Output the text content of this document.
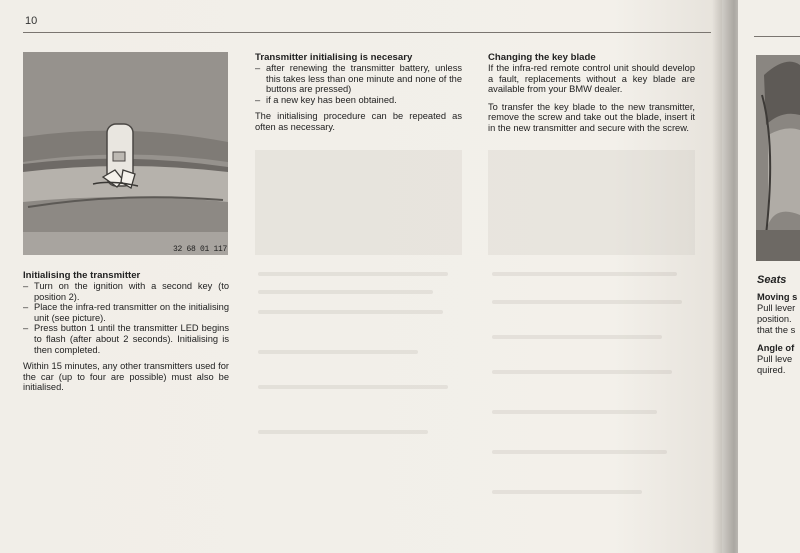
10
32 68 01 117
Initialising the transmitter
– Turn on the ignition with a second key (to position 2).
– Place the infra-red transmitter on the initialising unit (see picture).
– Press button 1 until the transmitter LED begins to flash (after about 2 seconds). Initialising is then completed.

Within 15 minutes, any other transmitters used for the car (up to four are possible) must also be initialised.

Transmitter initialising is necesary
– after renewing the transmitter battery, unless this takes less than one minute and none of the buttons are pressed)
– if a new key has been obtained.

The initialising procedure can be repeated as often as necessary.

Changing the key blade

If the infra-red remote control unit should develop a fault, replacements without a key blade are available from your BMW dealer.

To transfer the key blade to the new transmitter, remove the screw and take out the blade, insert it in the new transmitter and secure with the screw.

Seats
Moving s
Pull lever
position.
that the s
Angle of
Pull leve
quired.
